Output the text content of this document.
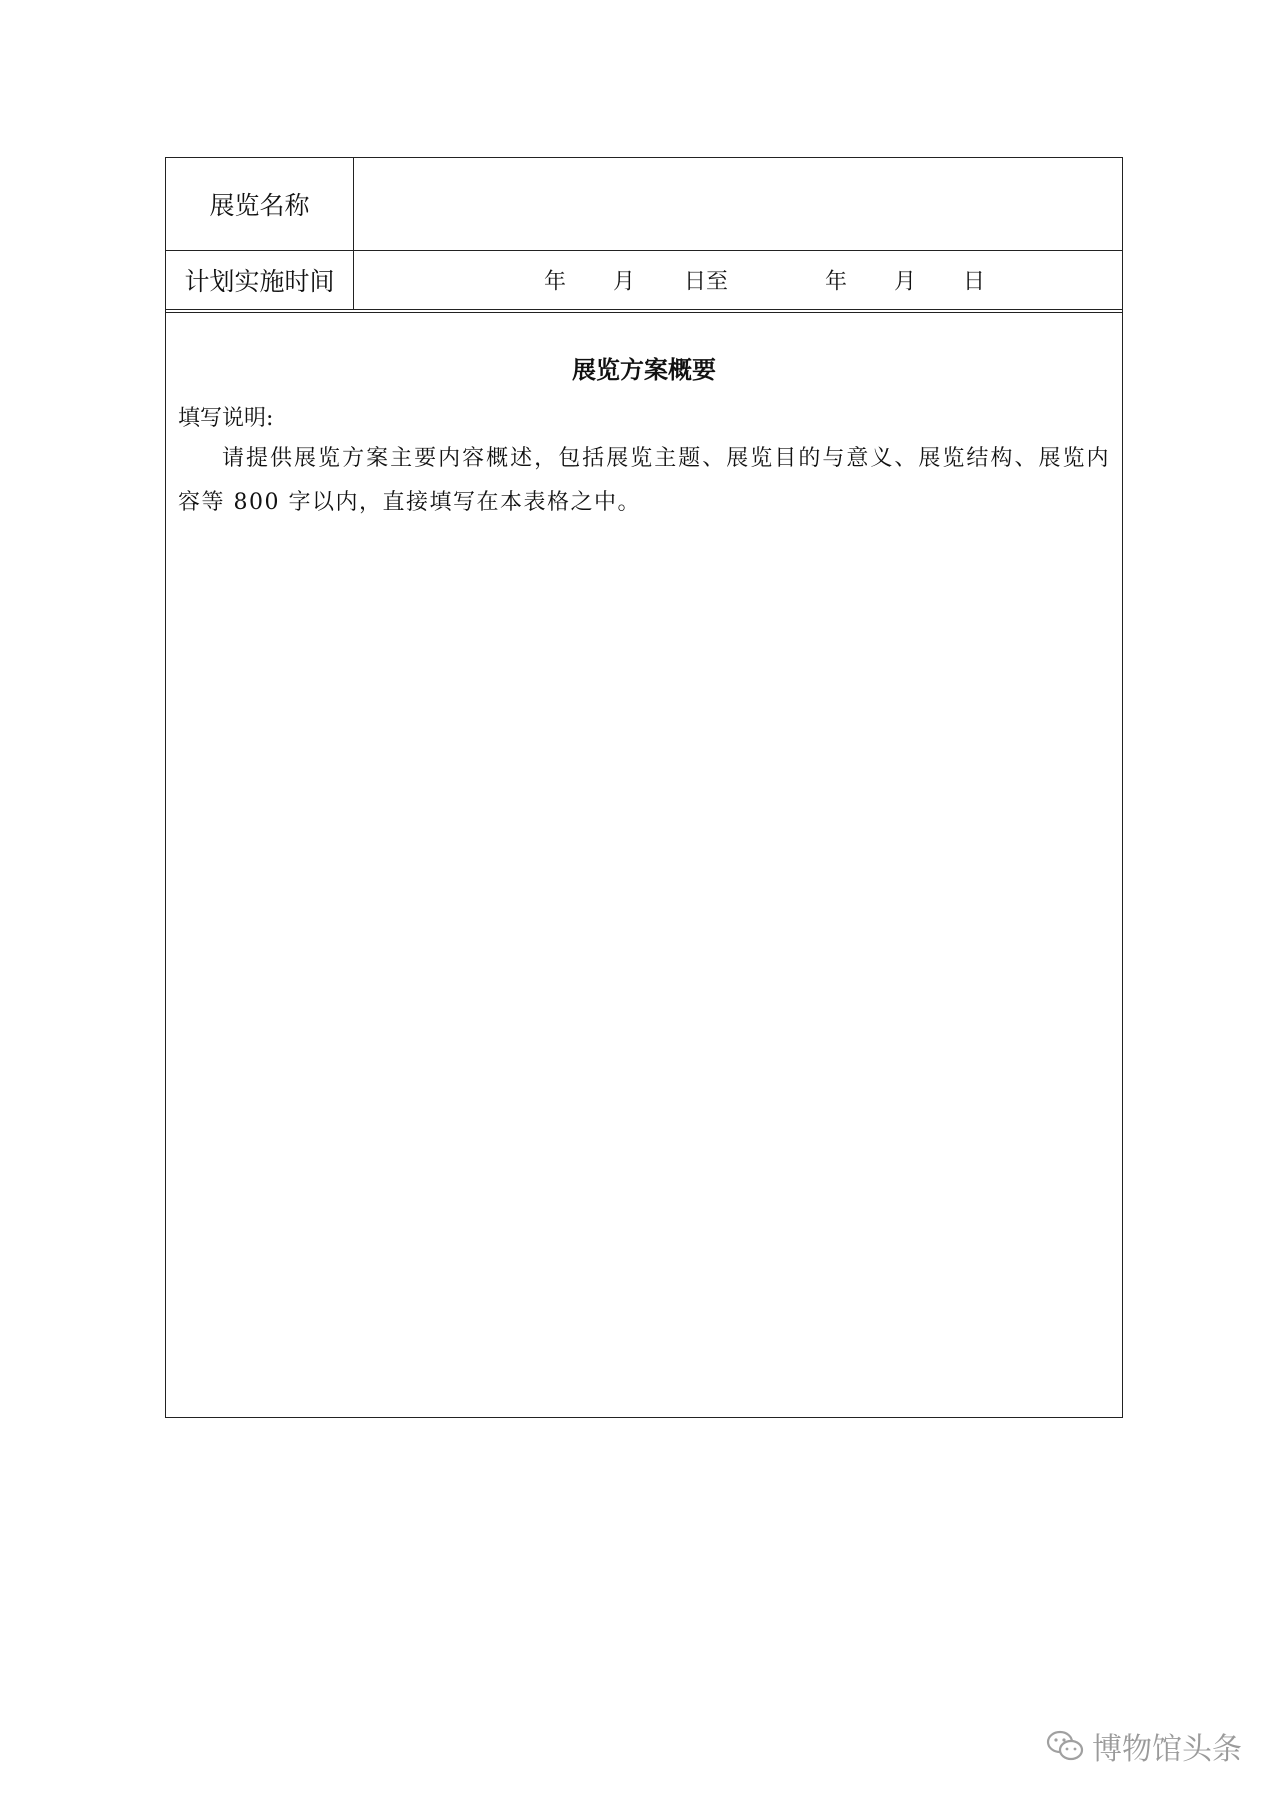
展览名称
计划实施时间	年 月 日至	年 月 日
展览方案概要
填写说明:
请提供展览方案主要内容概述，包括展览主题、展览目的与意义、展览结构、展览内容等 800 字以内，直接填写在本表格之中。
博物馆头条
